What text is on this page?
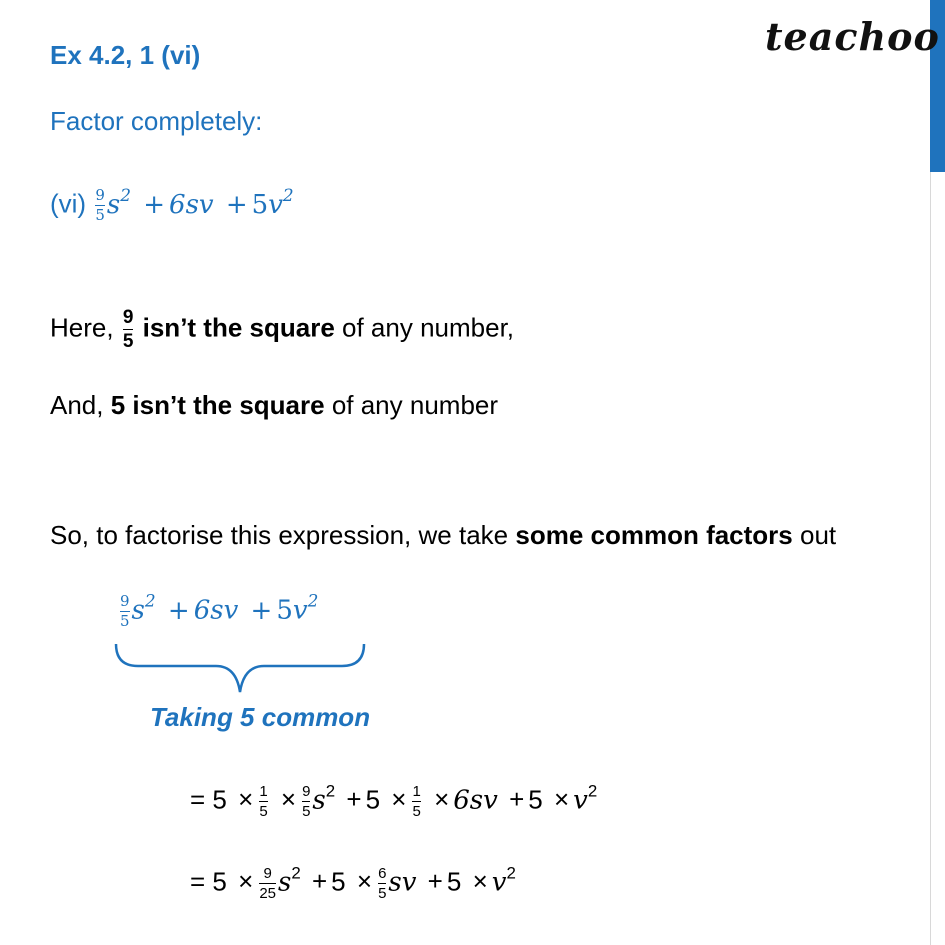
Ex 4.2, 1 (vi)	teachoo
Factor completely:
$(vi) \frac{9}{5} s^2 + 6sv + 5v^2$
Here, $\frac{9}{5}$ isn’t the square of any number,
And, 5 isn’t the square of any number
So, to factorise this expression, we take some common factors out
$\frac{9}{5} s^2 + 6sv + 5v^2$
Taking 5 common
= $5 \times \frac{1}{5} \times \frac{9}{5} s^2 + 5 \times \frac{1}{5} \times 6sv + 5 \times v^2$
= $5 \times \frac{9}{25} s^2 + 5 \times \frac{6}{5}$ sv + $5 \times v^2$
